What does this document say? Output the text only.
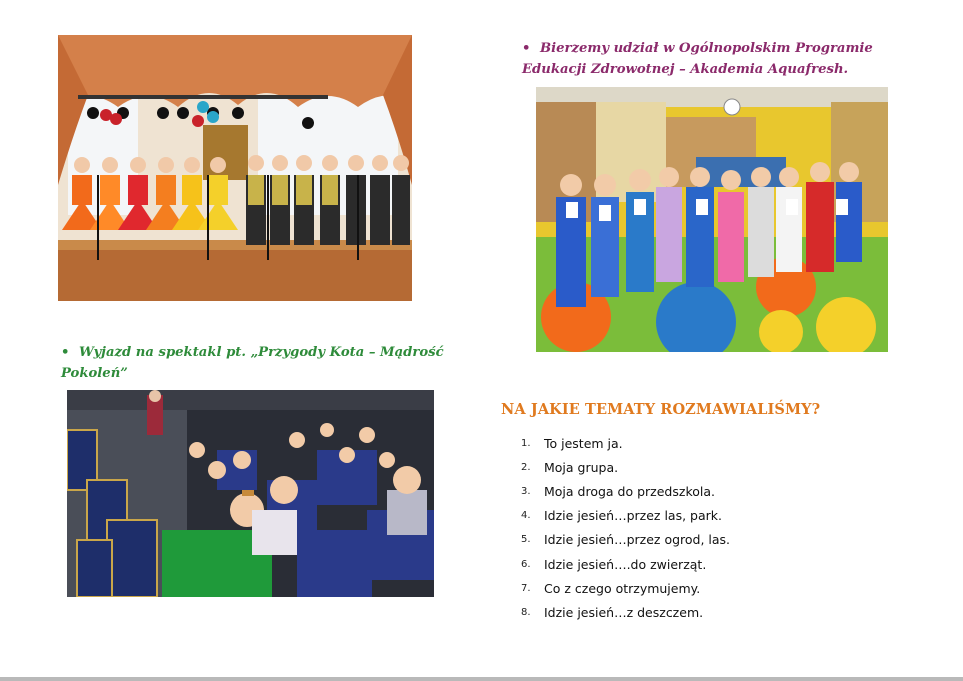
• Bierzemy udział w Ogólnopolskim Programie Edukacji Zdrowotnej – Akademia Aquafresh.
• Wyjazd na spektakl pt. „Przygody Kota – Mądrość Pokoleń”
NA JAKIE TEMATY ROZMAWIALIŚMY?
1.	To jestem ja.
2.	Moja grupa.
3.	Moja droga do przedszkola.
4.	Idzie jesień…przez las, park.
5.	Idzie jesień…przez ogrod, las.
6.	Idzie jesień….do zwierząt.
7.	Co z czego otrzymujemy.
8.	Idzie jesień…z deszczem.
